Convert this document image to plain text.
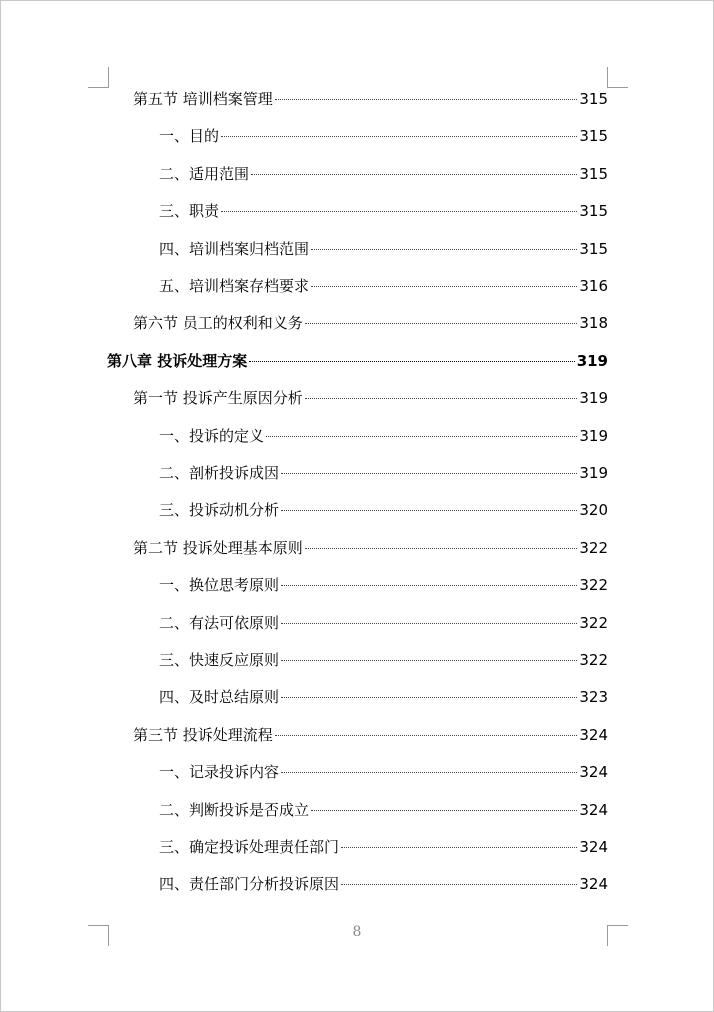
第五节 培训档案管理	315
一、目的	315
二、适用范围	315
三、职责	315
四、培训档案归档范围	315
五、培训档案存档要求	316
第六节 员工的权利和义务	318
第八章 投诉处理方案	319
第一节 投诉产生原因分析	319
一、投诉的定义	319
二、剖析投诉成因	319
三、投诉动机分析	320
第二节 投诉处理基本原则	322
一、换位思考原则	322
二、有法可依原则	322
三、快速反应原则	322
四、及时总结原则	323
第三节 投诉处理流程	324
一、记录投诉内容	324
二、判断投诉是否成立	324
三、确定投诉处理责任部门	324
四、责任部门分析投诉原因	324
8
